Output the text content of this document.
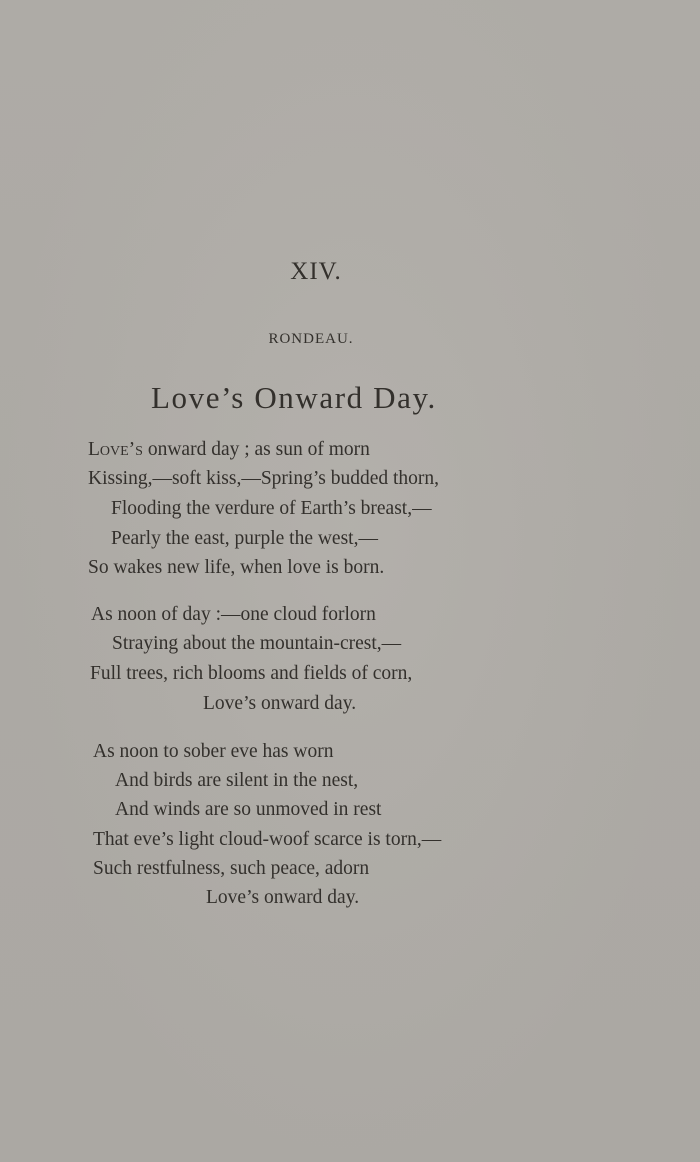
XIV.
RONDEAU.
Love’s Onward Day.
Love’s onward day ; as sun of morn
Kissing,—soft kiss,—Spring’s budded thorn,
Flooding the verdure of Earth’s breast,—
Pearly the east, purple the west,—
So wakes new life, when love is born.
As noon of day :—one cloud forlorn
Straying about the mountain-crest,—
Full trees, rich blooms and fields of corn,
Love’s onward day.
As noon to sober eve has worn
And birds are silent in the nest,
And winds are so unmoved in rest
That eve’s light cloud-woof scarce is torn,—
Such restfulness, such peace, adorn
Love’s onward day.
